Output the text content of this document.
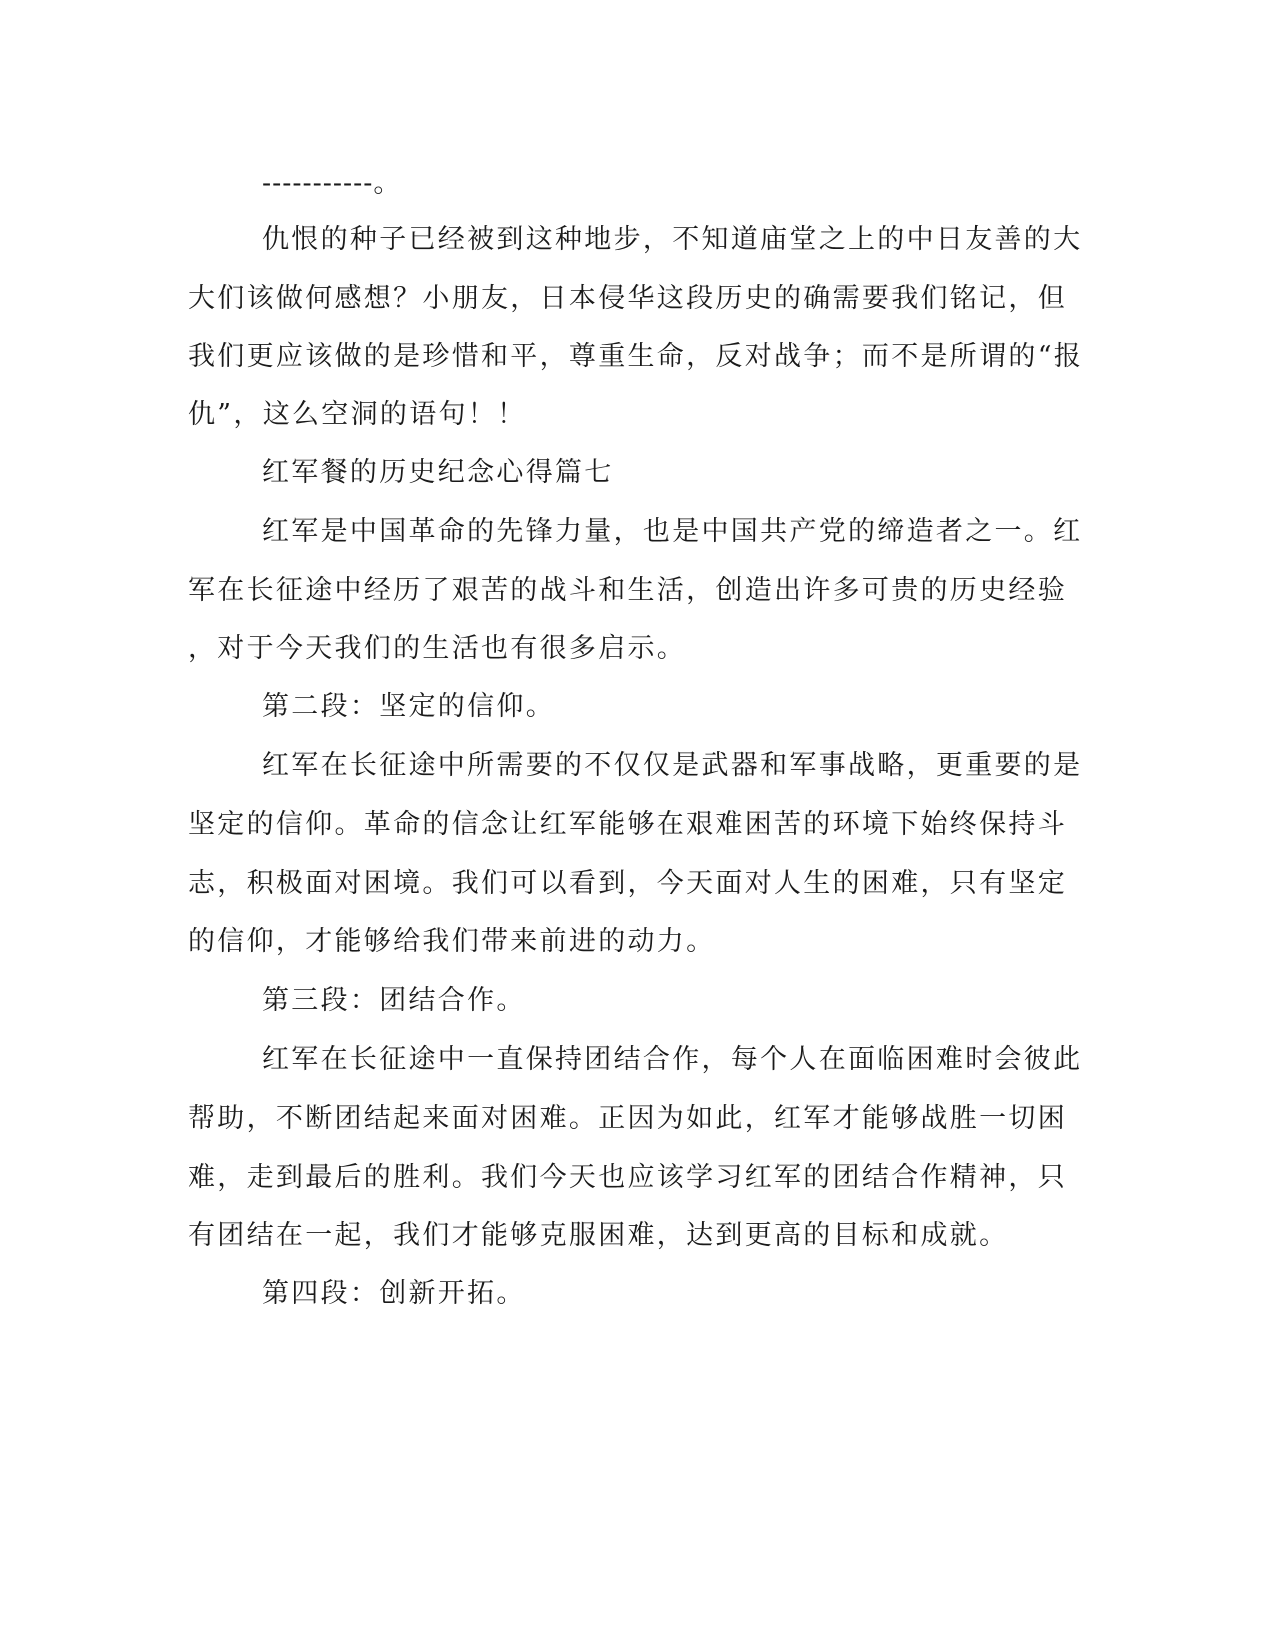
-----------。
仇恨的种子已经被到这种地步，不知道庙堂之上的中日友善的大
大们该做何感想？小朋友，日本侵华这段历史的确需要我们铭记，但
我们更应该做的是珍惜和平，尊重生命，反对战争；而不是所谓的“报
仇”，这么空洞的语句！！
红军餐的历史纪念心得篇七
红军是中国革命的先锋力量，也是中国共产党的缔造者之一。红
军在长征途中经历了艰苦的战斗和生活，创造出许多可贵的历史经验
，对于今天我们的生活也有很多启示。
第二段：坚定的信仰。
红军在长征途中所需要的不仅仅是武器和军事战略，更重要的是
坚定的信仰。革命的信念让红军能够在艰难困苦的环境下始终保持斗
志，积极面对困境。我们可以看到，今天面对人生的困难，只有坚定
的信仰，才能够给我们带来前进的动力。
第三段：团结合作。
红军在长征途中一直保持团结合作，每个人在面临困难时会彼此
帮助，不断团结起来面对困难。正因为如此，红军才能够战胜一切困
难，走到最后的胜利。我们今天也应该学习红军的团结合作精神，只
有团结在一起，我们才能够克服困难，达到更高的目标和成就。
第四段：创新开拓。
